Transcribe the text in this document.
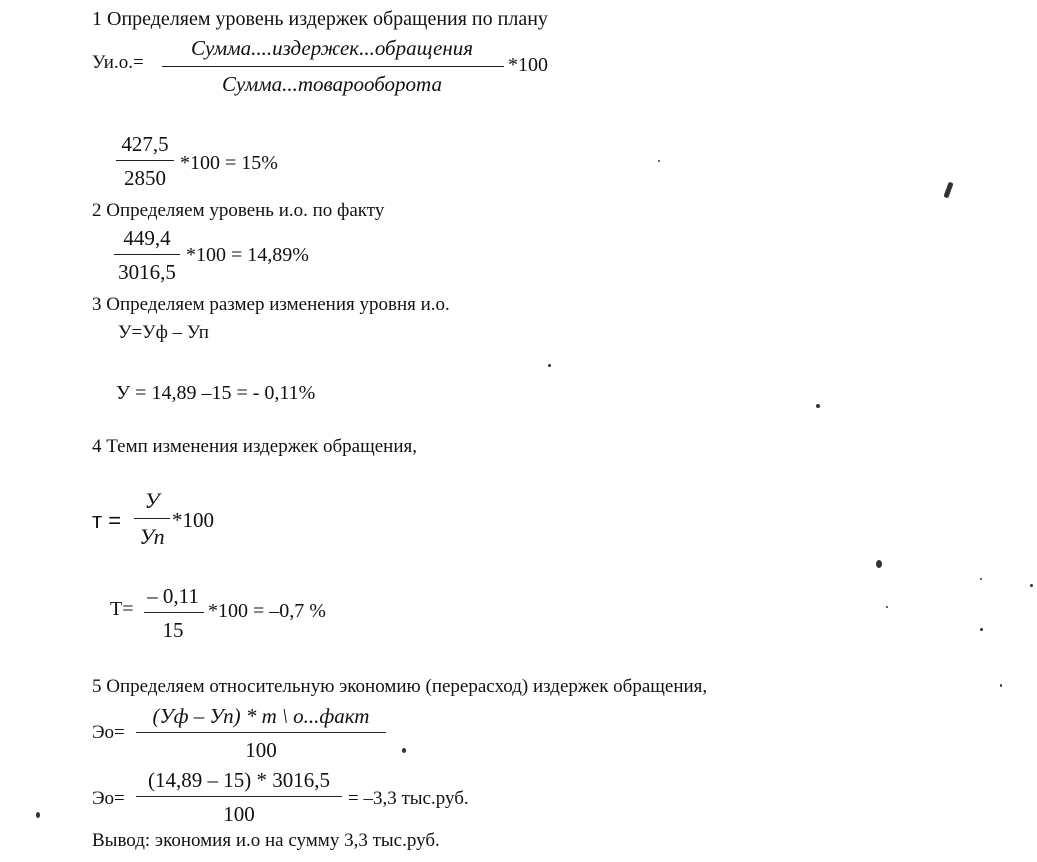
1 Определяем уровень издержек обращения по плану
Уи.о.=
Сумма....издержек...обращения
Сумма...товарооборота
*100
427,5
2850
*100 = 15%
2 Определяем уровень и.о. по факту
449,4
3016,5
*100 = 14,89%
3 Определяем размер изменения уровня и.о.
У=Уф – Уп
У = 14,89 –15 = - 0,11%
4 Темп изменения издержек обращения,
т =
У
Уп
*100
Т=
– 0,11
15
*100 = –0,7 %
5 Определяем относительную экономию (перерасход) издержек обращения,
Эо=
(Уф – Уп) * т \ о...факт
100
Эо=
(14,89 – 15) * 3016,5
100
= –3,3 тыс.руб.
Вывод: экономия и.о на сумму 3,3 тыс.руб.
